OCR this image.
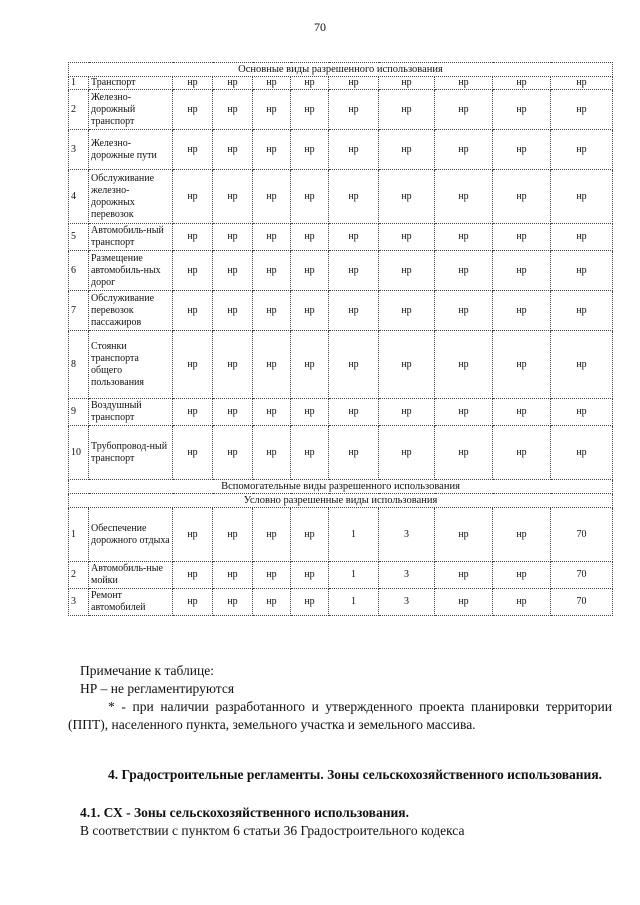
70
Основные виды разрешенного использования										
1	Транспорт	нр	нр	нр	нр	нр	нр	нр	нр	нр
2	Железно-дорожный транспорт	нр	нр	нр	нр	нр	нр	нр	нр	нр
3	Железно-дорожные пути	нр	нр	нр	нр	нр	нр	нр	нр	нр
4	Обслуживание железно-дорожных перевозок	нр	нр	нр	нр	нр	нр	нр	нр	нр
5	Автомобиль-ный транспорт	нр	нр	нр	нр	нр	нр	нр	нр	нр
6	Размещение автомобиль-ных дорог	нр	нр	нр	нр	нр	нр	нр	нр	нр
7	Обслуживание перевозок пассажиров	нр	нр	нр	нр	нр	нр	нр	нр	нр
8	Стоянки транспорта общего пользования	нр	нр	нр	нр	нр	нр	нр	нр	нр
9	Воздушный транспорт	нр	нр	нр	нр	нр	нр	нр	нр	нр
10	Трубопровод-ный транспорт	нр	нр	нр	нр	нр	нр	нр	нр	нр
Вспомогательные виды разрешенного использования										
Условно разрешенные виды использования										
1	Обеспечение дорожного отдыха	нр	нр	нр	нр	1	3	нр	нр	70
2	Автомобиль-ные мойки	нр	нр	нр	нр	1	3	нр	нр	70
3	Ремонт автомобилей	нр	нр	нр	нр	1	3	нр	нр	70
Примечание к таблице:
НР – не регламентируются
* - при наличии разработанного и утвержденного проекта планировки территории (ППТ), населенного пункта, земельного участка и земельного массива.
4. Градостроительные регламенты. Зоны сельскохозяйственного использования.
4.1. СХ - Зоны сельскохозяйственного использования.
В соответствии с пунктом 6 статьи 36 Градостроительного кодекса
